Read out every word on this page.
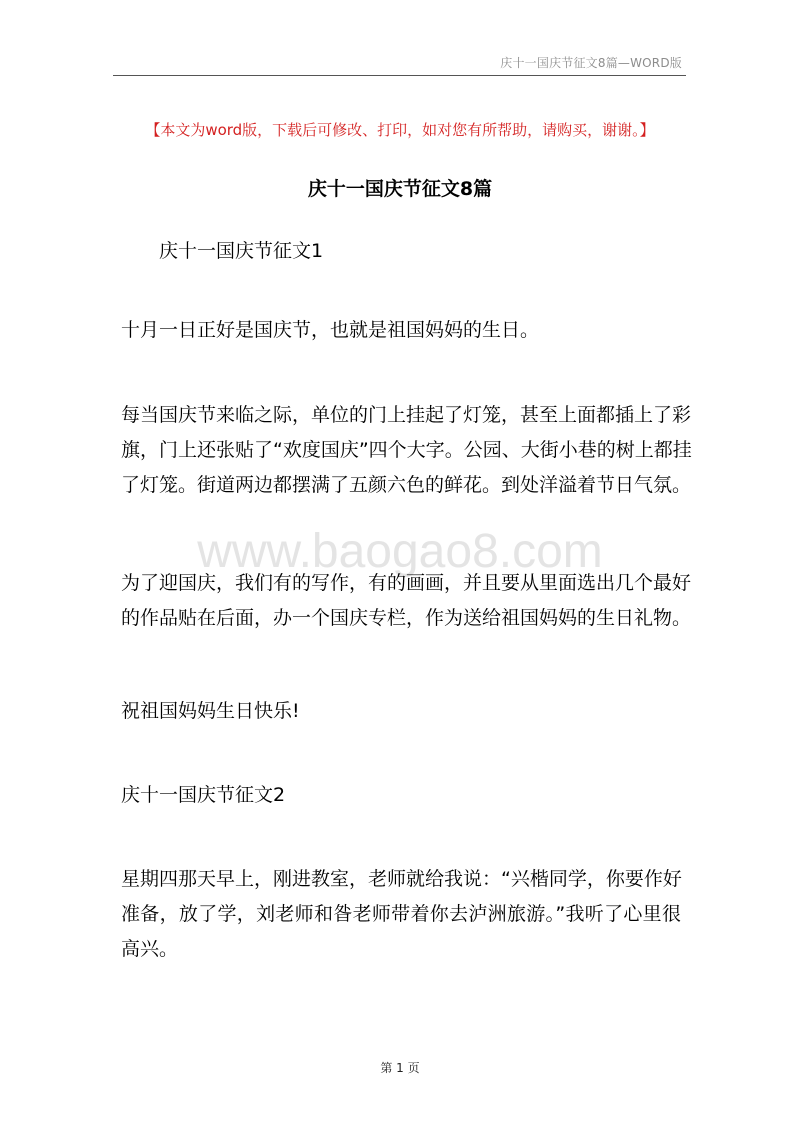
庆十一国庆节征文8篇—WORD版
【本文为word版，下载后可修改、打印，如对您有所帮助，请购买，谢谢。】
庆十一国庆节征文8篇
www.baogao8.com
庆十一国庆节征文1
十月一日正好是国庆节，也就是祖国妈妈的生日。
每当国庆节来临之际，单位的门上挂起了灯笼，甚至上面都插上了彩
旗，门上还张贴了“欢度国庆”四个大字。公园、大街小巷的树上都挂
了灯笼。街道两边都摆满了五颜六色的鲜花。到处洋溢着节日气氛。
为了迎国庆，我们有的写作，有的画画，并且要从里面选出几个最好
的作品贴在后面，办一个国庆专栏，作为送给祖国妈妈的生日礼物。
祝祖国妈妈生日快乐!
庆十一国庆节征文2
星期四那天早上，刚进教室，老师就给我说：“兴楷同学，你要作好
准备，放了学，刘老师和昝老师带着你去泸洲旅游。”我听了心里很
高兴。
第 1 页
